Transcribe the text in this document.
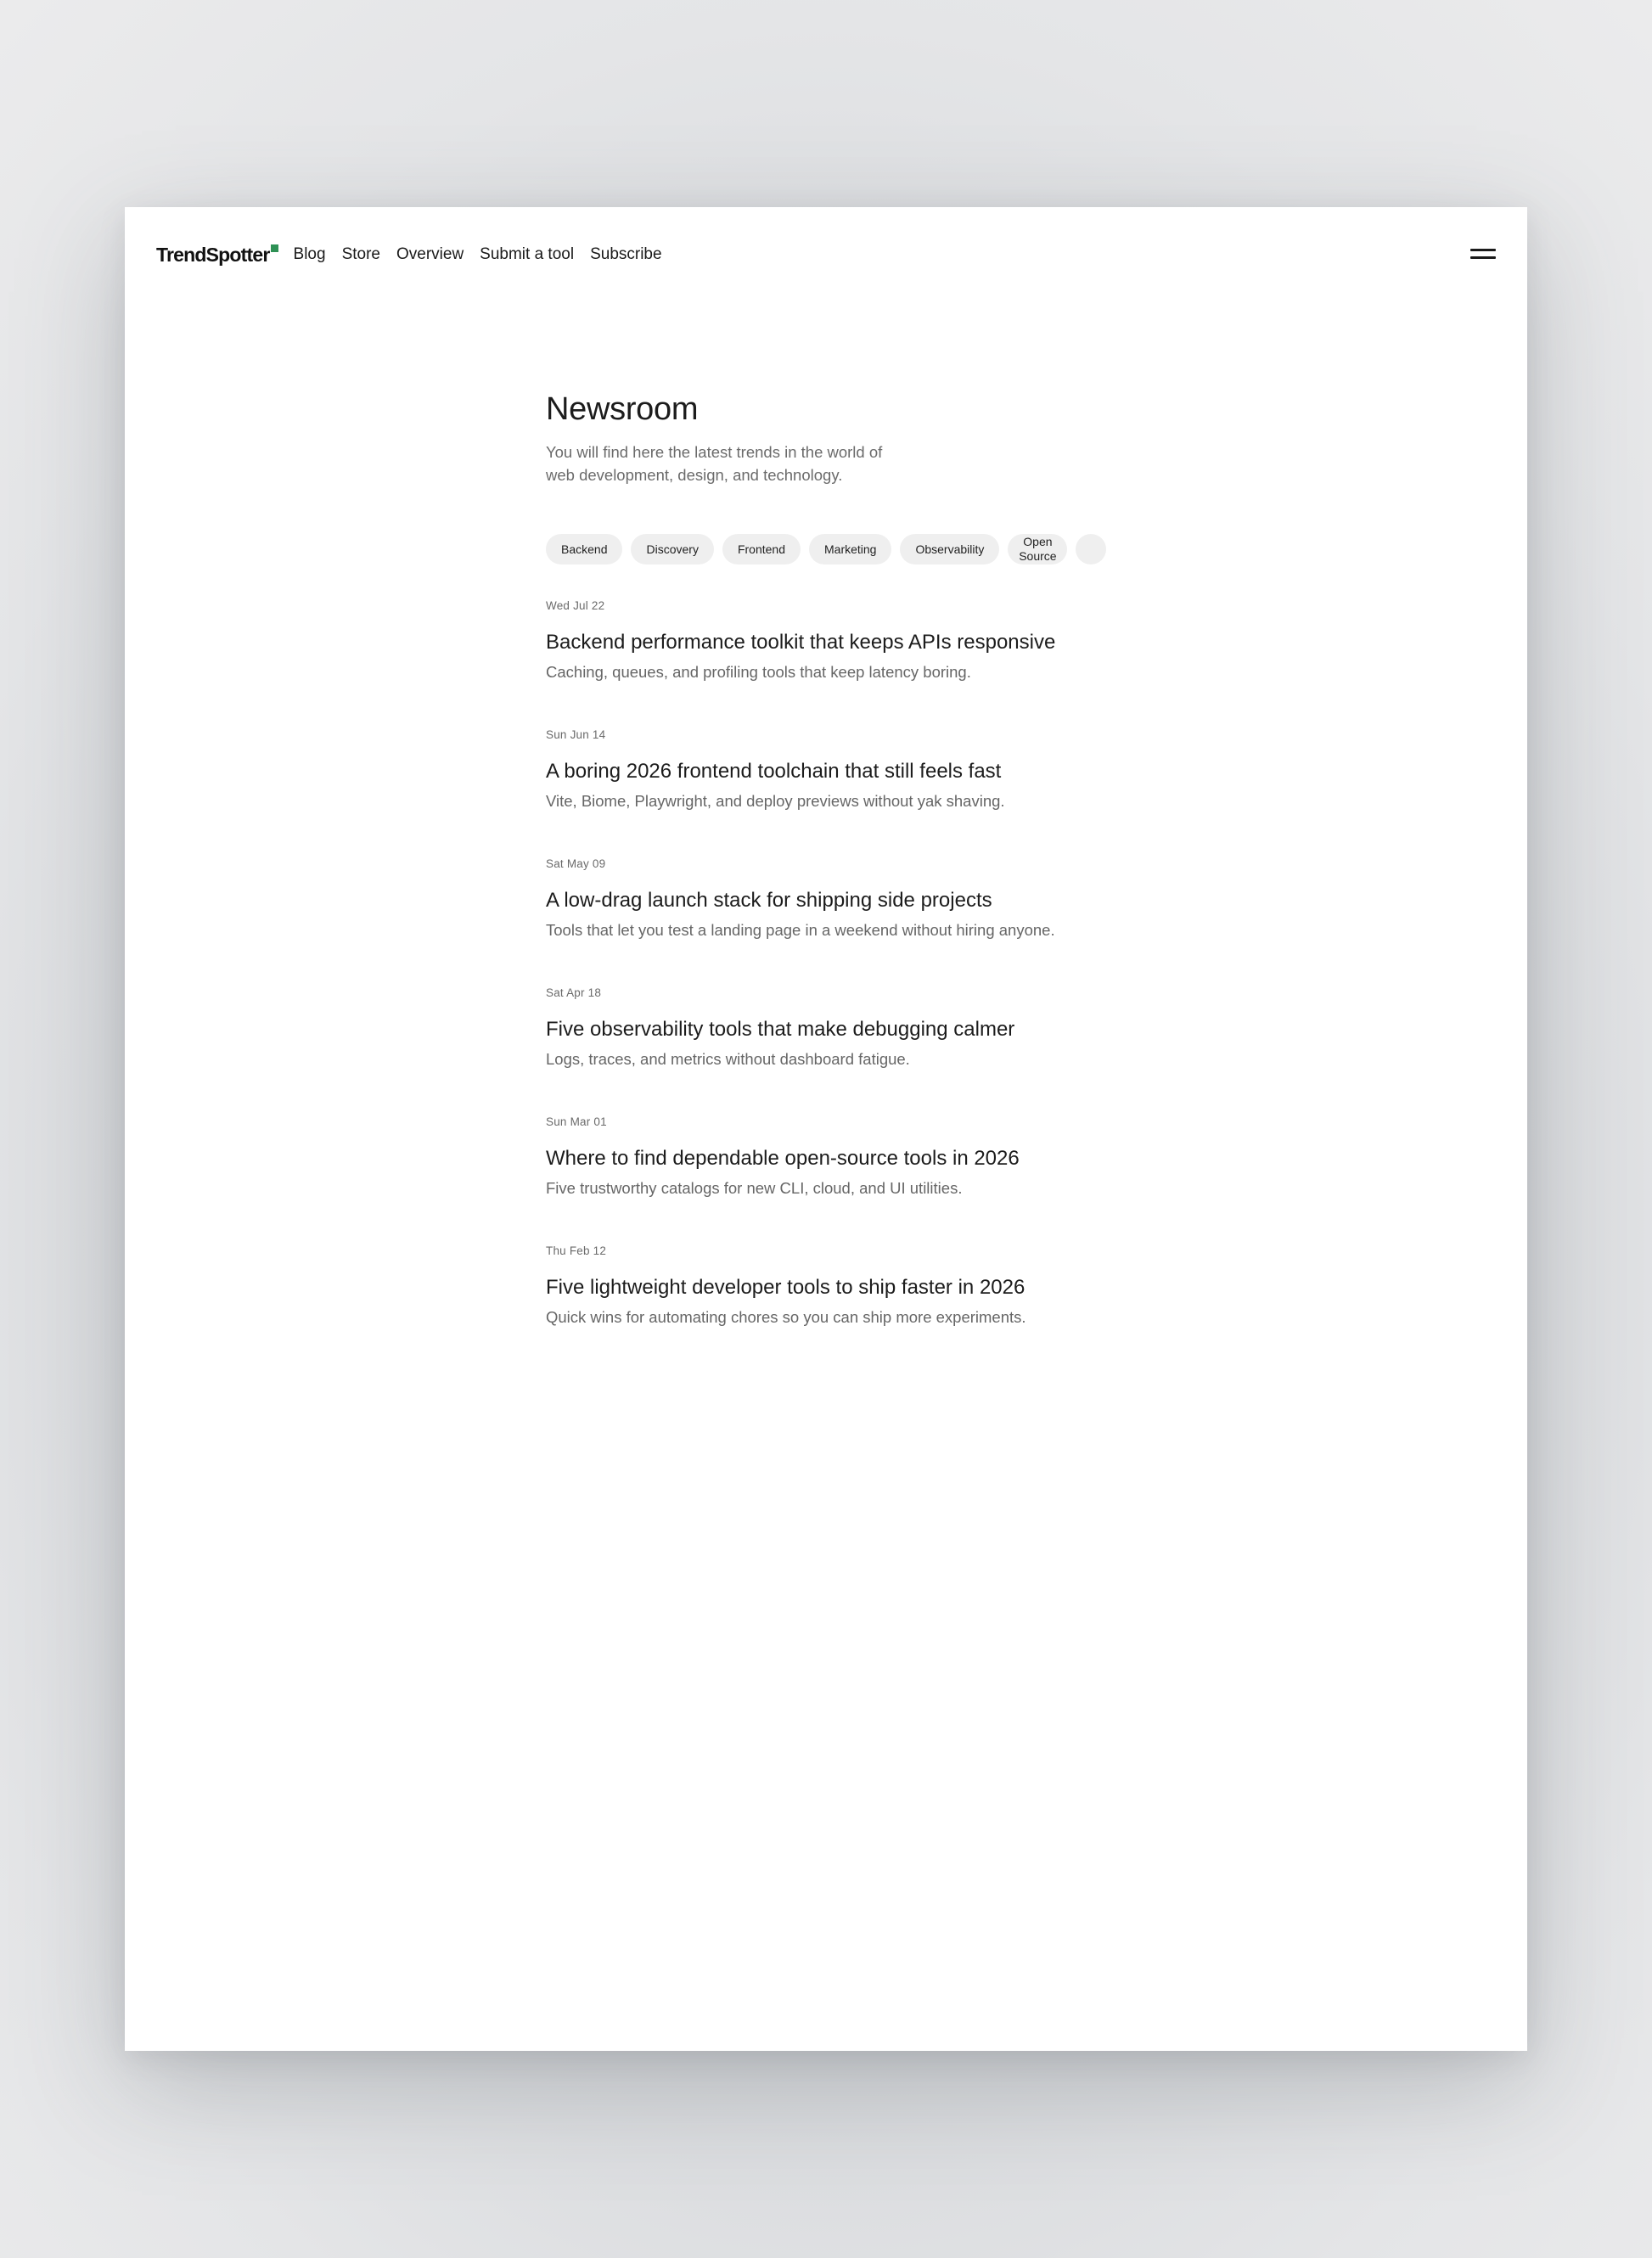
TrendSpotter Blog Store Overview Submit a tool Subscribe
Newsroom
You will find here the latest trends in the world of web development, design, and technology.
Backend	Discovery	Frontend	Marketing	Observability
Open Source
Wed Jul 22
Backend performance toolkit that keeps APIs responsive
Caching, queues, and profiling tools that keep latency boring.
Sun Jun 14
A boring 2026 frontend toolchain that still feels fast
Vite, Biome, Playwright, and deploy previews without yak shaving.
Sat May 09
A low-drag launch stack for shipping side projects
Tools that let you test a landing page in a weekend without hiring anyone.
Sat Apr 18
Five observability tools that make debugging calmer
Logs, traces, and metrics without dashboard fatigue.
Sun Mar 01
Where to find dependable open-source tools in 2026
Five trustworthy catalogs for new CLI, cloud, and UI utilities.
Thu Feb 12
Five lightweight developer tools to ship faster in 2026
Quick wins for automating chores so you can ship more experiments.
